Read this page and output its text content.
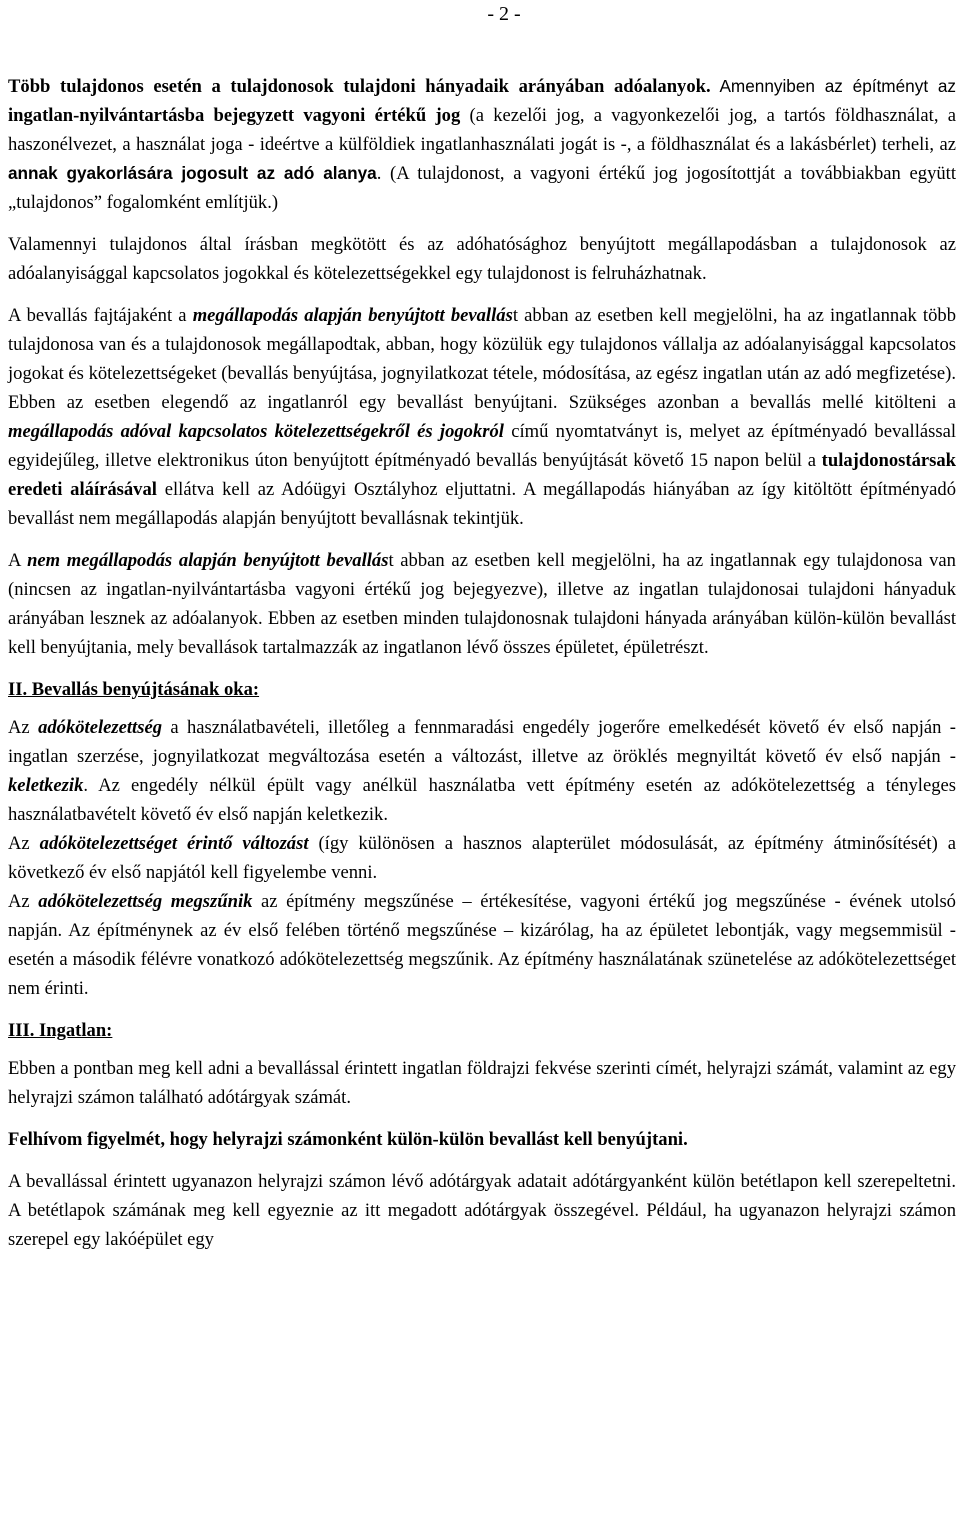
- 2 -

Több tulajdonos esetén a tulajdonosok tulajdoni hányadaik arányában adóalanyok. Amennyiben az építményt az ingatlan-nyilvántartásba bejegyzett vagyoni értékű jog (a kezelői jog, a vagyonkezelői jog, a tartós földhasználat, a haszonélvezet, a használat joga - ideértve a külföldiek ingatlanhasználati jogát is -, a földhasználat és a lakásbérlet) terheli, az annak gyakorlására jogosult az adó alanya. (A tulajdonost, a vagyoni értékű jog jogosítottját a továbbiakban együtt „tulajdonos” fogalomként említjük.)

Valamennyi tulajdonos által írásban megkötött és az adóhatósághoz benyújtott megállapodásban a tulajdonosok az adóalanyisággal kapcsolatos jogokkal és kötelezettségekkel egy tulajdonost is felruházhatnak.

A bevallás fajtájaként a megállapodás alapján benyújtott bevallást abban az esetben kell megjelölni, ha az ingatlannak több tulajdonosa van és a tulajdonosok megállapodtak, abban, hogy közülük egy tulajdonos vállalja az adóalanyisággal kapcsolatos jogokat és kötelezettségeket (bevallás benyújtása, jognyilatkozat tétele, módosítása, az egész ingatlan után az adó megfizetése). Ebben az esetben elegendő az ingatlanról egy bevallást benyújtani. Szükséges azonban a bevallás mellé kitölteni a megállapodás adóval kapcsolatos kötelezettségekről és jogokról című nyomtatványt is, melyet az építményadó bevallással egyidejűleg, illetve elektronikus úton benyújtott építményadó bevallás benyújtását követő 15 napon belül a tulajdonostársak eredeti aláírásával ellátva kell az Adóügyi Osztályhoz eljuttatni. A megállapodás hiányában az így kitöltött építményadó bevallást nem megállapodás alapján benyújtott bevallásnak tekintjük.

A nem megállapodás alapján benyújtott bevallást abban az esetben kell megjelölni, ha az ingatlannak egy tulajdonosa van (nincsen az ingatlan-nyilvántartásba vagyoni értékű jog bejegyezve), illetve az ingatlan tulajdonosai tulajdoni hányaduk arányában lesznek az adóalanyok. Ebben az esetben minden tulajdonosnak tulajdoni hányada arányában külön-külön bevallást kell benyújtania, mely bevallások tartalmazzák az ingatlanon lévő összes épületet, épületrészt.

II. Bevallás benyújtásának oka:

Az adókötelezettség a használatbavételi, illetőleg a fennmaradási engedély jogerőre emelkedését követő év első napján - ingatlan szerzése, jognyilatkozat megváltozása esetén a változást, illetve az öröklés megnyiltát követő év első napján - keletkezik. Az engedély nélkül épült vagy anélkül használatba vett építmény esetén az adókötelezettség a tényleges használatbavételt követő év első napján keletkezik.

Az adókötelezettséget érintő változást (így különösen a hasznos alapterület módosulását, az építmény átminősítését) a következő év első napjától kell figyelembe venni.

Az adókötelezettség megszűnik az építmény megszűnése – értékesítése, vagyoni értékű jog megszűnése - évének utolsó napján. Az építménynek az év első felében történő megszűnése – kizárólag, ha az épületet lebontják, vagy megsemmisül - esetén a második félévre vonatkozó adókötelezettség megszűnik. Az építmény használatának szünetelése az adókötelezettséget nem érinti.

III. Ingatlan:

Ebben a pontban meg kell adni a bevallással érintett ingatlan földrajzi fekvése szerinti címét, helyrajzi számát, valamint az egy helyrajzi számon található adótárgyak számát.

Felhívom figyelmét, hogy helyrajzi számonként külön-külön bevallást kell benyújtani.

A bevallással érintett ugyanazon helyrajzi számon lévő adótárgyak adatait adótárgyanként külön betétlapon kell szerepeltetni. A betétlapok számának meg kell egyeznie az itt megadott adótárgyak összegével. Például, ha ugyanazon helyrajzi számon szerepel egy lakóépület egy
